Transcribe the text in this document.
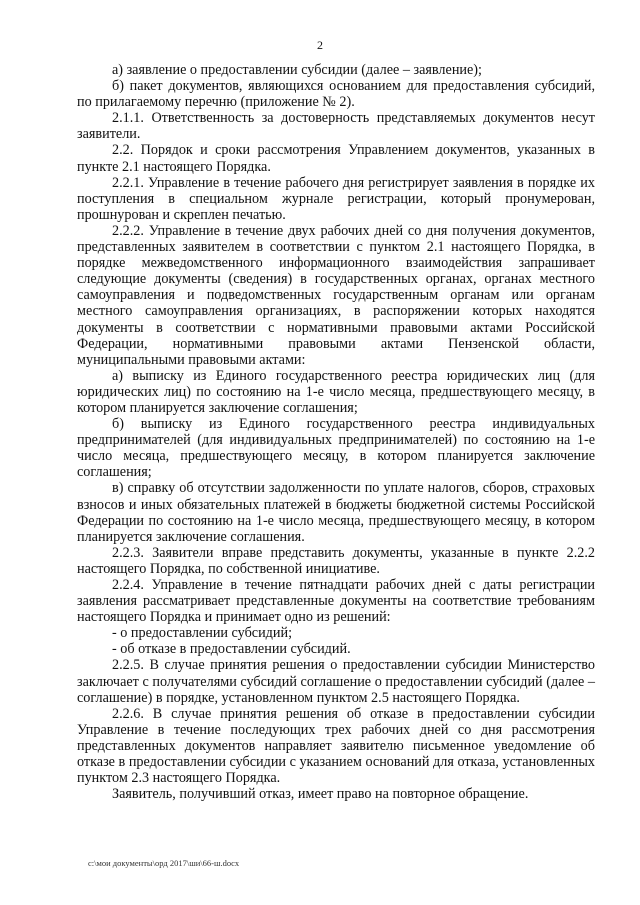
2

а) заявление о предоставлении субсидии (далее – заявление);

б) пакет документов, являющихся основанием для предоставления субсидий, по прилагаемому перечню (приложение № 2).

2.1.1. Ответственность за достоверность представляемых документов несут заявители.

2.2. Порядок и сроки рассмотрения Управлением документов, указанных в пункте 2.1 настоящего Порядка.

2.2.1. Управление в течение рабочего дня регистрирует заявления в порядке их поступления в специальном журнале регистрации, который пронумерован, прошнурован и скреплен печатью.

2.2.2. Управление в течение двух рабочих дней со дня получения документов, представленных заявителем в соответствии с пунктом 2.1 настоящего Порядка, в порядке межведомственного информационного взаимодействия запрашивает следующие документы (сведения) в государственных органах, органах местного самоуправления и подведомственных государственным органам или органам местного самоуправления организациях, в распоряжении которых находятся документы в соответствии с нормативными правовыми актами Российской Федерации, нормативными правовыми актами Пензенской области, муниципальными правовыми актами:

а) выписку из Единого государственного реестра юридических лиц (для юридических лиц) по состоянию на 1-е число месяца, предшествующего месяцу, в котором планируется заключение соглашения;

б) выписку из Единого государственного реестра индивидуальных предпринимателей (для индивидуальных предпринимателей) по состоянию на 1-е число месяца, предшествующего месяцу, в котором планируется заключение соглашения;

в) справку об отсутствии задолженности по уплате налогов, сборов, страховых взносов и иных обязательных платежей в бюджеты бюджетной системы Российской Федерации по состоянию на 1-е число месяца, предшествующего месяцу, в котором планируется заключение соглашения.

2.2.3. Заявители вправе представить документы, указанные в пункте 2.2.2 настоящего Порядка, по собственной инициативе.

2.2.4. Управление в течение пятнадцати рабочих дней с даты регистрации заявления рассматривает представленные документы на соответствие требованиям настоящего Порядка и принимает одно из решений:

- о предоставлении субсидий;

- об отказе в предоставлении субсидий.

2.2.5. В случае принятия решения о предоставлении субсидии Министерство заключает с получателями субсидий соглашение о предоставлении субсидий (далее – соглашение) в порядке, установленном пунктом 2.5 настоящего Порядка.

2.2.6. В случае принятия решения об отказе в предоставлении субсидии Управление в течение последующих трех рабочих дней со дня рассмотрения представленных документов направляет заявителю письменное уведомление об отказе в предоставлении субсидии с указанием оснований для отказа, установленных пунктом 2.3 настоящего Порядка.

Заявитель, получивший отказ, имеет право на повторное обращение.

c:\мои документы\орд 2017\ши\66-ш.docx
